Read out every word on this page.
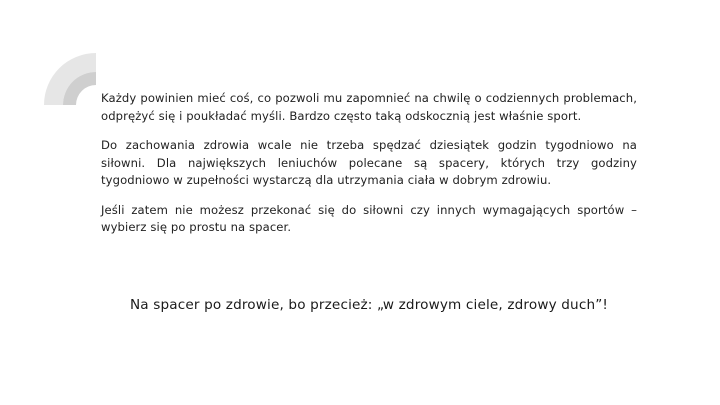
Każdy powinien mieć coś, co pozwoli mu zapomnieć na chwilę o codziennych problemach, odprężyć się i poukładać myśli. Bardzo często taką odskocznią jest właśnie sport.

Do zachowania zdrowia wcale nie trzeba spędzać dziesiątek godzin tygodniowo na siłowni. Dla największych leniuchów polecane są spacery, których trzy godziny tygodniowo w zupełności wystarczą dla utrzymania ciała w dobrym zdrowiu.

Jeśli zatem nie możesz przekonać się do siłowni czy innych wymagających sportów – wybierz się po prostu na spacer.

Na spacer po zdrowie, bo przecież: „w zdrowym ciele, zdrowy duch”!
